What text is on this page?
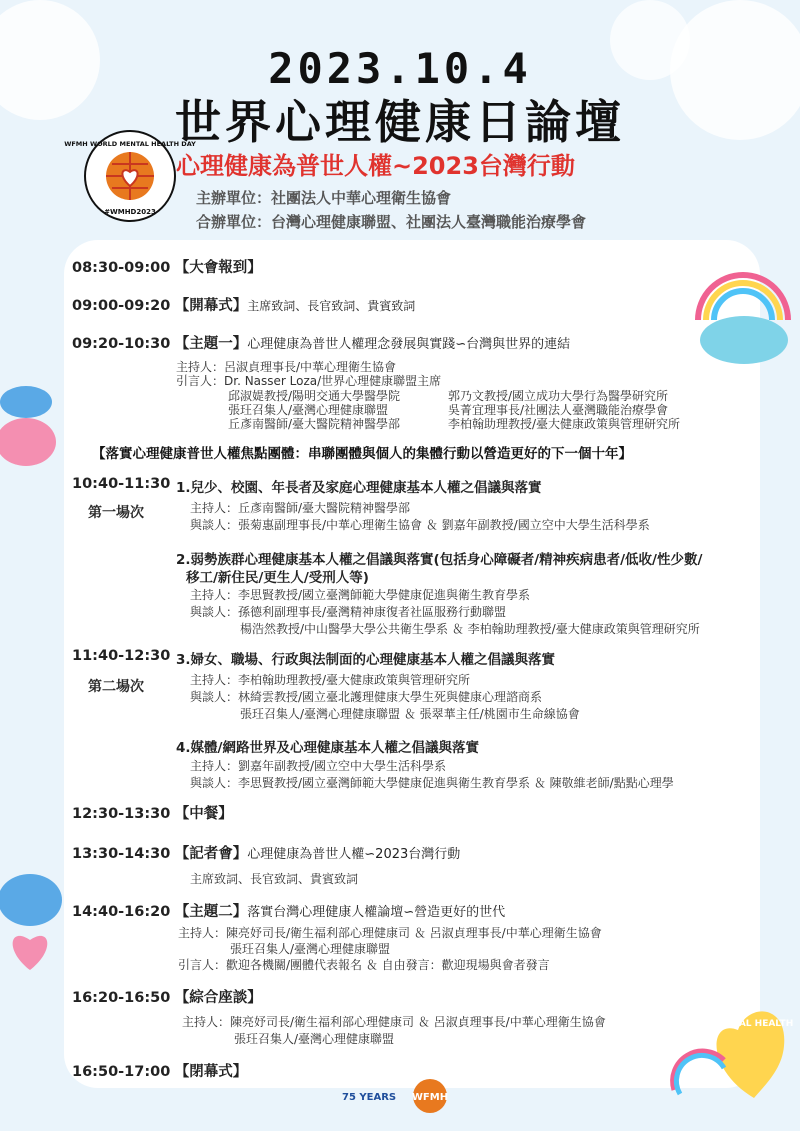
2023.10.4
世界心理健康日論壇
心理健康為普世人權~2023台灣行動
主辦單位：社團法人中華心理衛生協會
合辦單位：台灣心理健康聯盟、社團法人臺灣職能治療學會
WFMH WORLD MENTAL HEALTH DAY
#WMHD2023
MENTAL HEALTH
08:30-09:00 【大會報到】
09:00-09:20 【開幕式】主席致詞、長官致詞、貴賓致詞
09:20-10:30 【主題一】心理健康為普世人權理念發展與實踐∽台灣與世界的連結
主持人：呂淑貞理事長/中華心理衛生協會
引言人：Dr. Nasser Loza/世界心理健康聯盟主席
邱淑媞教授/陽明交通大學醫學院
張玨召集人/臺灣心理健康聯盟
丘彥南醫師/臺大醫院精神醫學部
郭乃文教授/國立成功大學行為醫學研究所
吳菁宜理事長/社團法人臺灣職能治療學會
李柏翰助理教授/臺大健康政策與管理研究所
【落實心理健康普世人權焦點團體：串聯團體與個人的集體行動以營造更好的下一個十年】
10:40-11:30
第一場次
1.兒少、校園、年長者及家庭心理健康基本人權之倡議與落實
主持人：丘彥南醫師/臺大醫院精神醫學部
與談人：張菊惠副理事長/中華心理衛生協會 ＆ 劉嘉年副教授/國立空中大學生活科學系
2.弱勢族群心理健康基本人權之倡議與落實(包括身心障礙者/精神疾病患者/低收/性少數/
移工/新住民/更生人/受刑人等)
主持人：李思賢教授/國立臺灣師範大學健康促進與衛生教育學系
與談人：孫德利副理事長/臺灣精神康復者社區服務行動聯盟
楊浩然教授/中山醫學大學公共衛生學系 ＆ 李柏翰助理教授/臺大健康政策與管理研究所
11:40-12:30
第二場次
3.婦女、職場、行政與法制面的心理健康基本人權之倡議與落實
主持人：李柏翰助理教授/臺大健康政策與管理研究所
與談人：林綺雲教授/國立臺北護理健康大學生死與健康心理諮商系
張玨召集人/臺灣心理健康聯盟 ＆ 張翠華主任/桃園市生命線協會
4.媒體/網路世界及心理健康基本人權之倡議與落實
主持人：劉嘉年副教授/國立空中大學生活科學系
與談人：李思賢教授/國立臺灣師範大學健康促進與衛生教育學系 ＆ 陳敬維老師/點點心理學
12:30-13:30 【中餐】
13:30-14:30 【記者會】心理健康為普世人權∽2023台灣行動
主席致詞、長官致詞、貴賓致詞
14:40-16:20 【主題二】落實台灣心理健康人權論壇∽營造更好的世代
主持人：陳亮妤司長/衛生福利部心理健康司 ＆ 呂淑貞理事長/中華心理衛生協會
張玨召集人/臺灣心理健康聯盟
引言人：歡迎各機關/團體代表報名 ＆ 自由發言：歡迎現場與會者發言
16:20-16:50 【綜合座談】
主持人：陳亮妤司長/衛生福利部心理健康司 ＆ 呂淑貞理事長/中華心理衛生協會
張玨召集人/臺灣心理健康聯盟
16:50-17:00 【閉幕式】
75 YEARS WFMH
